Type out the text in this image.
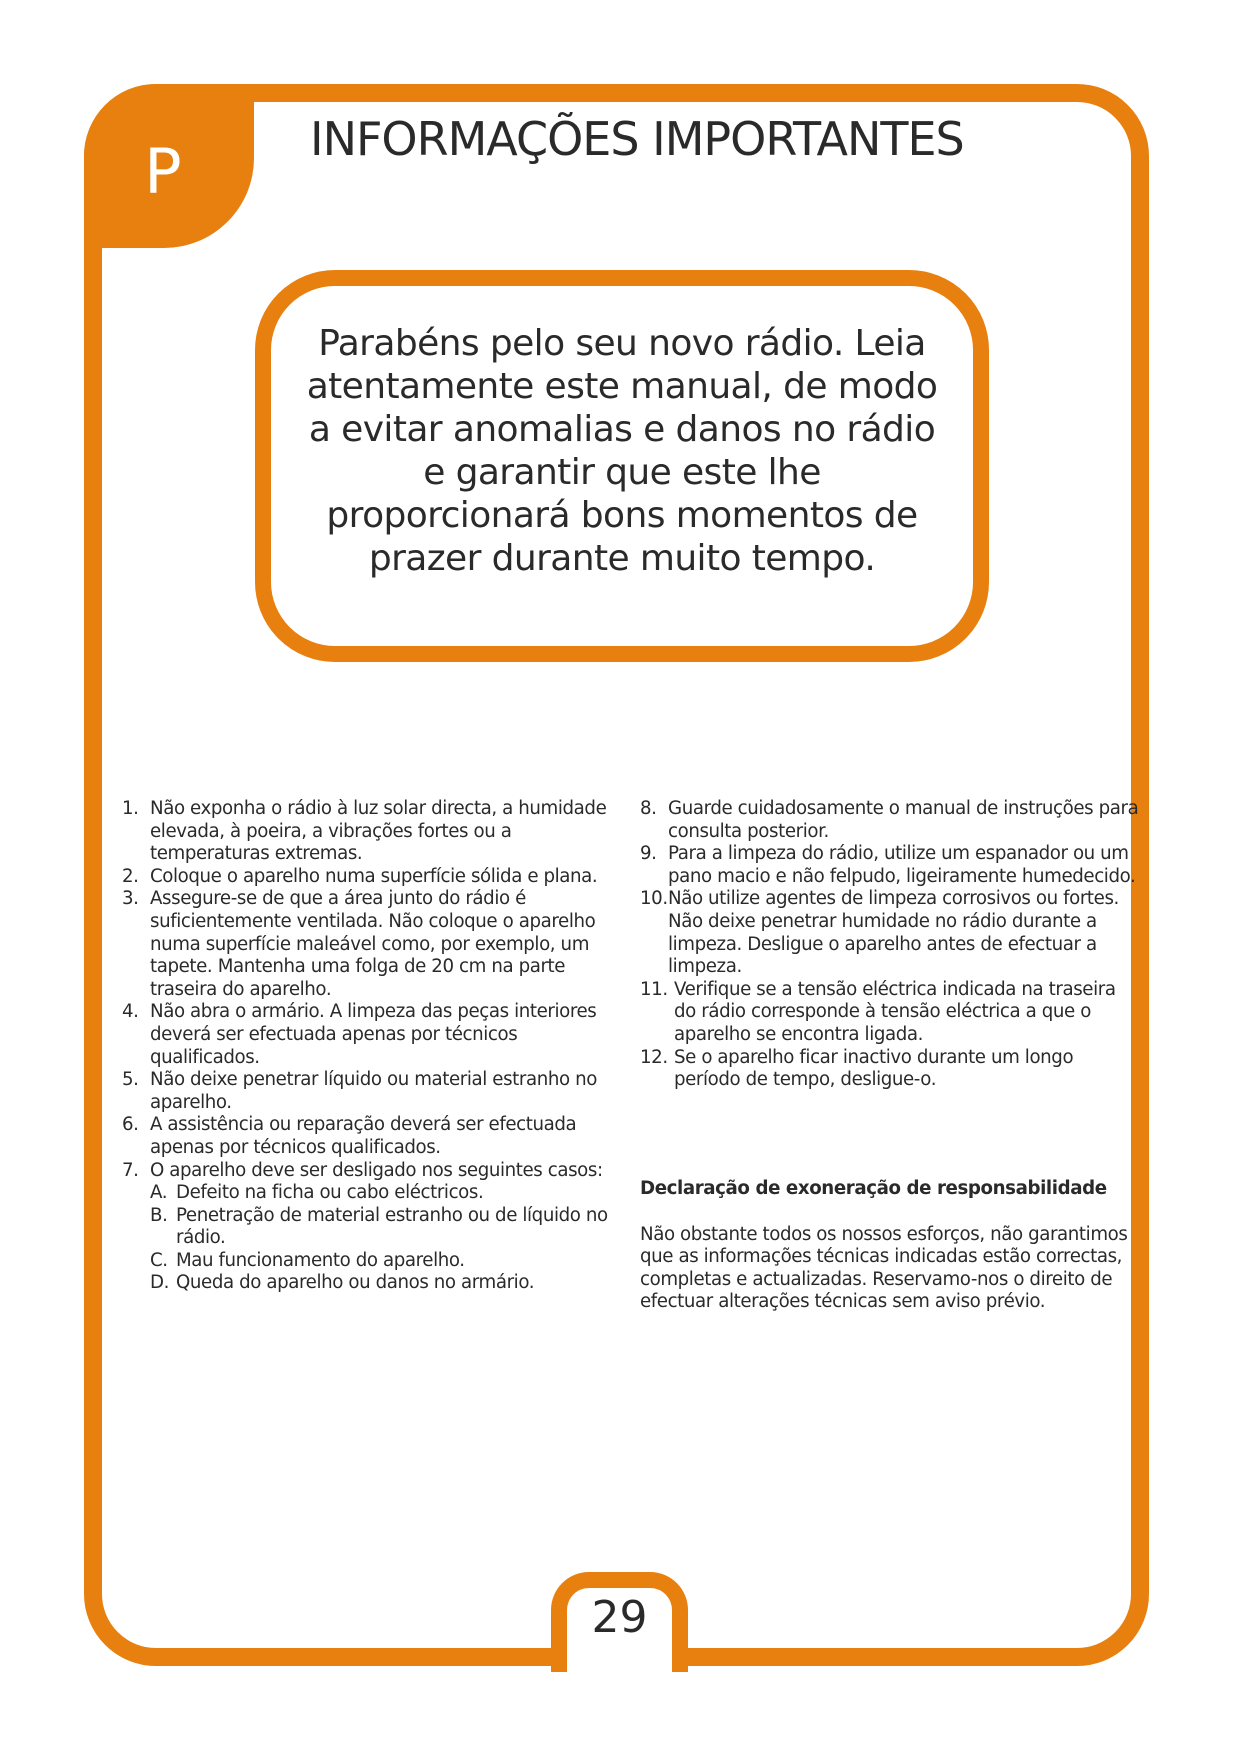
P	INFORMAÇÕES IMPORTANTES
Parabéns pelo seu novo rádio. Leia atentamente este manual, de modo a evitar anomalias e danos no rádio e garantir que este lhe proporcionará bons momentos de prazer durante muito tempo.
1. Não exponha o rádio à luz solar directa, a humidade elevada, à poeira, a vibrações fortes ou a temperaturas extremas.
2. Coloque o aparelho numa superfície sólida e plana.
3. Assegure-se de que a área junto do rádio é suficientemente ventilada. Não coloque o aparelho numa superfície maleável como, por exemplo, um tapete. Mantenha uma folga de 20 cm na parte traseira do aparelho.
4. Não abra o armário. A limpeza das peças interiores deverá ser efectuada apenas por técnicos qualificados.
5. Não deixe penetrar líquido ou material estranho no aparelho.
6. A assistência ou reparação deverá ser efectuada apenas por técnicos qualificados.
7. O aparelho deve ser desligado nos seguintes casos:
A. Defeito na ficha ou cabo eléctricos.
B. Penetração de material estranho ou de líquido no rádio.
C. Mau funcionamento do aparelho.
D. Queda do aparelho ou danos no armário.
8. Guarde cuidadosamente o manual de instruções para consulta posterior.
9. Para a limpeza do rádio, utilize um espanador ou um pano macio e não felpudo, ligeiramente humedecido.
10. Não utilize agentes de limpeza corrosivos ou fortes. Não deixe penetrar humidade no rádio durante a limpeza. Desligue o aparelho antes de efectuar a limpeza.
11. Verifique se a tensão eléctrica indicada na traseira do rádio corresponde à tensão eléctrica a que o aparelho se encontra ligada.
12. Se o aparelho ficar inactivo durante um longo período de tempo, desligue-o.
Declaração de exoneração de responsabilidade
Não obstante todos os nossos esforços, não garantimos que as informações técnicas indicadas estão correctas, completas e actualizadas. Reservamo-nos o direito de efectuar alterações técnicas sem aviso prévio.
29
